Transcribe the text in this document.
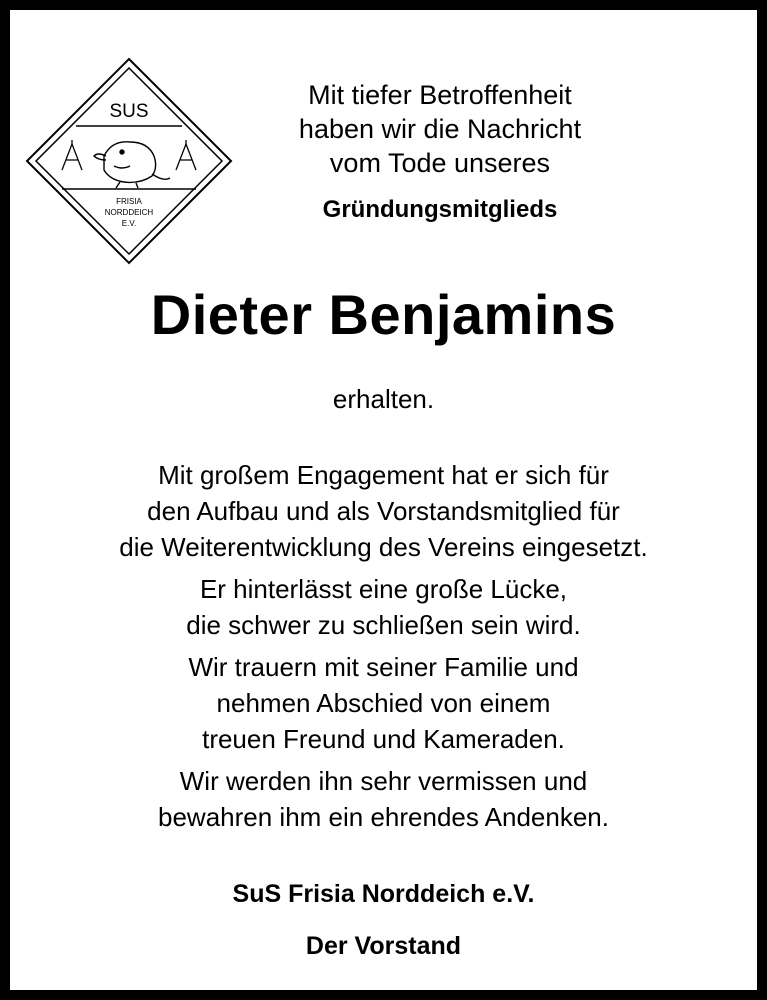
SUS
FRISIA
NORDDEICH
E.V.
Mit tiefer Betroffenheit
haben wir die Nachricht
vom Tode unseres
Gründungsmitglieds
Dieter Benjamins
erhalten.
Mit großem Engagement hat er sich für
den Aufbau und als Vorstandsmitglied für
die Weiterentwicklung des Vereins eingesetzt.
Er hinterlässt eine große Lücke,
die schwer zu schließen sein wird.
Wir trauern mit seiner Familie und
nehmen Abschied von einem
treuen Freund und Kameraden.
Wir werden ihn sehr vermissen und
bewahren ihm ein ehrendes Andenken.
SuS Frisia Norddeich e.V.
Der Vorstand
